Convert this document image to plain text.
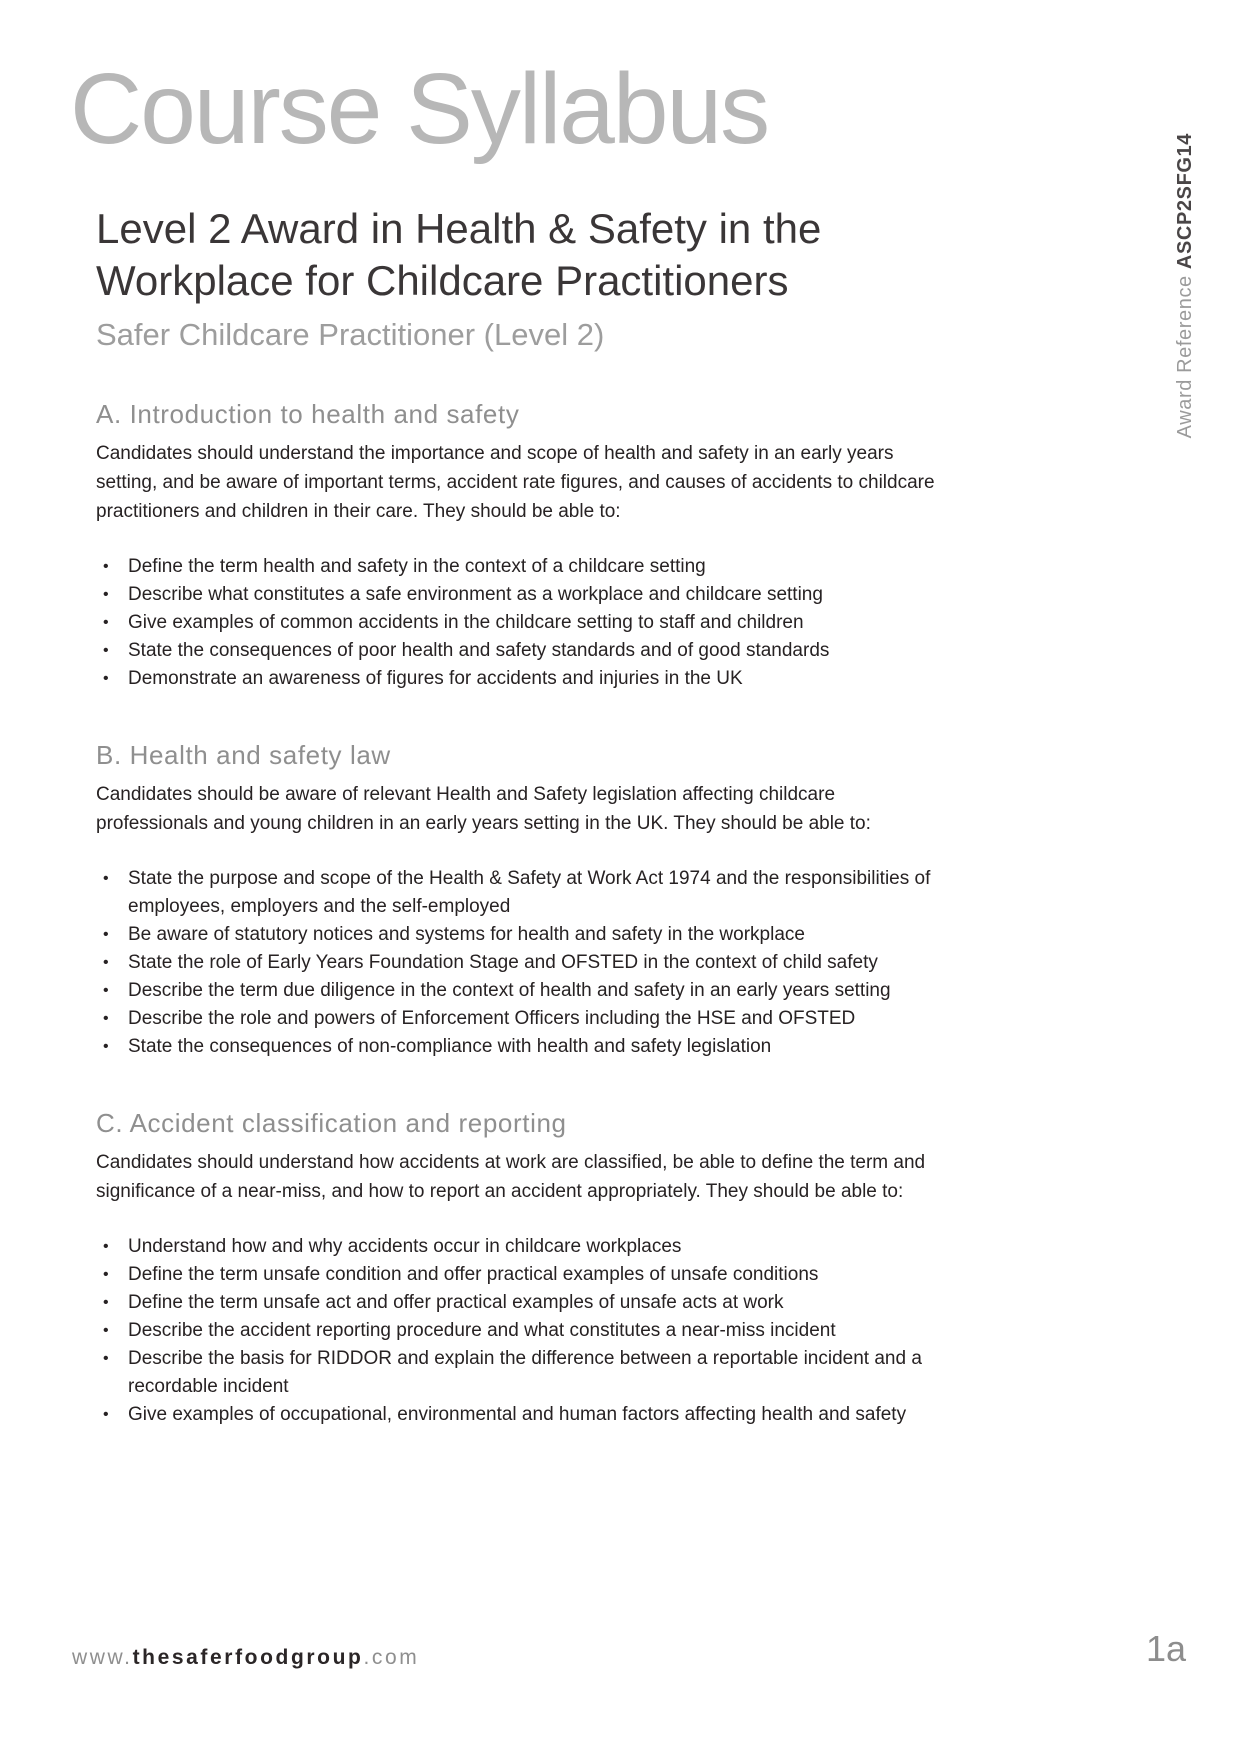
Course Syllabus
Level 2 Award in Health & Safety in the Workplace for Childcare Practitioners
Safer Childcare Practitioner (Level 2)
A. Introduction to health and safety

Candidates should understand the importance and scope of health and safety in an early years setting, and be aware of important terms, accident rate figures, and causes of accidents to childcare practitioners and children in their care. They should be able to:

•	Define the term health and safety in the context of a childcare setting
•	Describe what constitutes a safe environment as a workplace and childcare setting
•	Give examples of common accidents in the childcare setting to staff and children
•	State the consequences of poor health and safety standards and of good standards
•	Demonstrate an awareness of figures for accidents and injuries in the UK
B. Health and safety law

Candidates should be aware of relevant Health and Safety legislation affecting childcare professionals and young children in an early years setting in the UK. They should be able to:

•	State the purpose and scope of the Health & Safety at Work Act 1974 and the responsibilities of employees, employers and the self-employed
•	Be aware of statutory notices and systems for health and safety in the workplace
•	State the role of Early Years Foundation Stage and OFSTED in the context of child safety
•	Describe the term due diligence in the context of health and safety in an early years setting
•	Describe the role and powers of Enforcement Officers including the HSE and OFSTED
•	State the consequences of non-compliance with health and safety legislation
C. Accident classification and reporting

Candidates should understand how accidents at work are classified, be able to define the term and significance of a near-miss, and how to report an accident appropriately. They should be able to:

•	Understand how and why accidents occur in childcare workplaces
•	Define the term unsafe condition and offer practical examples of unsafe conditions
•	Define the term unsafe act and offer practical examples of unsafe acts at work
•	Describe the accident reporting procedure and what constitutes a near-miss incident
•	Describe the basis for RIDDOR and explain the difference between a reportable incident and a recordable incident
•	Give examples of occupational, environmental and human factors affecting health and safety
Award Reference ASCP2SFG14
www.thesaferfoodgroup.com	1a
